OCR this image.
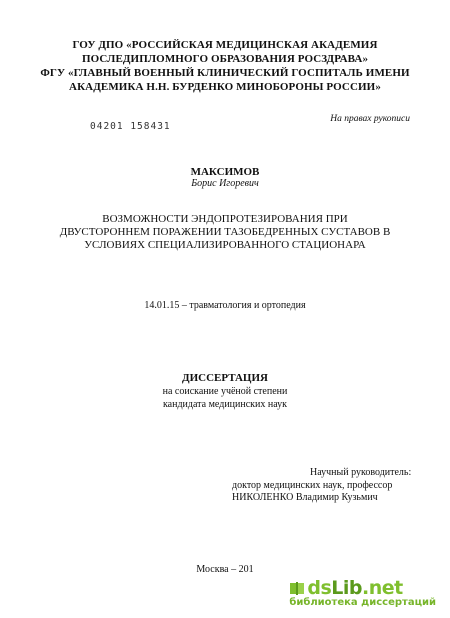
ГОУ ДПО «РОССИЙСКАЯ МЕДИЦИНСКАЯ АКАДЕМИЯ
ПОСЛЕДИПЛОМНОГО ОБРАЗОВАНИЯ РОСЗДРАВА»
ФГУ «ГЛАВНЫЙ ВОЕННЫЙ КЛИНИЧЕСКИЙ ГОСПИТАЛЬ ИМЕНИ
АКАДЕМИКА Н.Н. БУРДЕНКО МИНОБОРОНЫ РОССИИ»
04201 158431
На правах рукописи
МАКСИМОВ
Борис Игоревич
ВОЗМОЖНОСТИ ЭНДОПРОТЕЗИРОВАНИЯ ПРИ
ДВУСТОРОННЕМ ПОРАЖЕНИИ ТАЗОБЕДРЕННЫХ СУСТАВОВ В
УСЛОВИЯХ СПЕЦИАЛИЗИРОВАННОГО СТАЦИОНАРА
14.01.15 – травматология и ортопедия
ДИССЕРТАЦИЯ
на соискание учёной степени
кандидата медицинских наук
Научный руководитель:
доктор медицинских наук, профессор
НИКОЛЕНКО Владимир Кузьмич
Москва – 201
dsLib.net
библиотека диссертаций
